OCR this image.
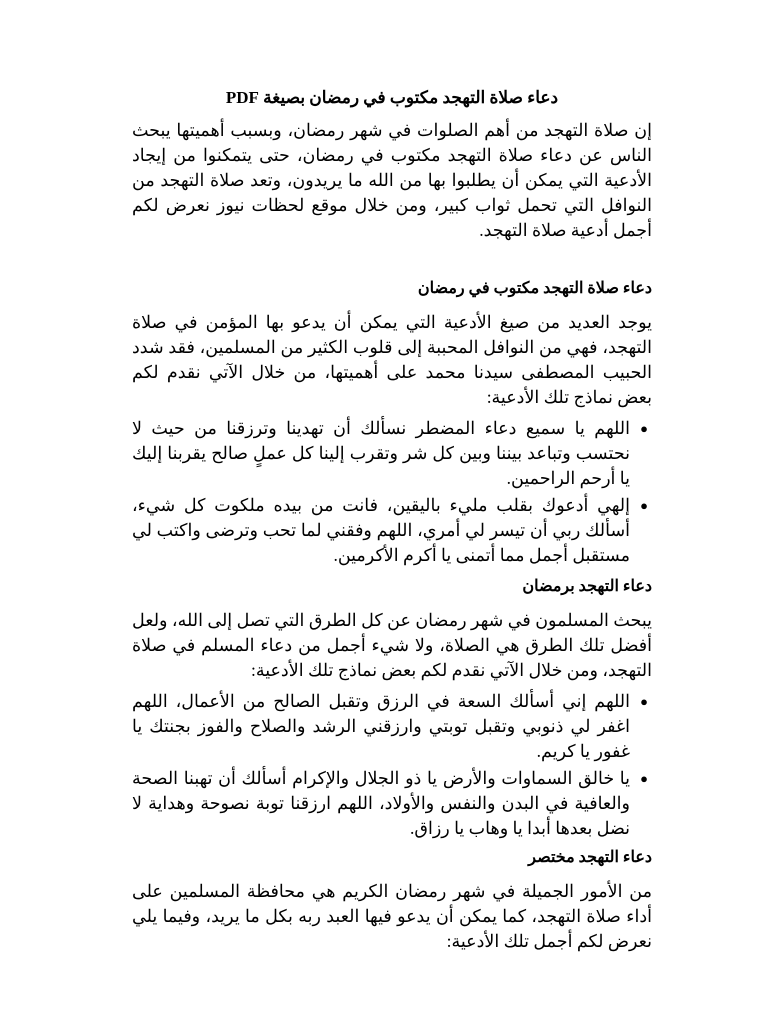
دعاء صلاة التهجد مكتوب في رمضان بصيغة PDF

إن صلاة التهجد من أهم الصلوات في شهر رمضان، وبسبب أهميتها يبحث الناس عن دعاء صلاة التهجد مكتوب في رمضان، حتى يتمكنوا من إيجاد الأدعية التي يمكن أن يطلبوا بها من الله ما يريدون، وتعد صلاة التهجد من النوافل التي تحمل ثواب كبير، ومن خلال موقع لحظات نيوز نعرض لكم أجمل أدعية صلاة التهجد.

دعاء صلاة التهجد مكتوب في رمضان

يوجد العديد من صيغ الأدعية التي يمكن أن يدعو بها المؤمن في صلاة التهجد، فهي من النوافل المحببة إلى قلوب الكثير من المسلمين، فقد شدد الحبيب المصطفى سيدنا محمد على أهميتها، من خلال الآتي نقدم لكم بعض نماذج تلك الأدعية:

●
اللهم يا سميع دعاء المضطر نسألك أن تهدينا وترزقنا من حيث لا نحتسب وتباعد بيننا وبين كل شر وتقرب إلينا كل عملٍ صالح يقربنا إليك يا أرحم الراحمين.
●
إلهي أدعوك بقلب مليء باليقين، فانت من بيده ملكوت كل شيء، أسألك ربي أن تيسر لي أمري، اللهم وفقني لما تحب وترضى واكتب لي مستقبل أجمل مما أتمنى يا أكرم الأكرمين.
دعاء التهجد برمضان

يبحث المسلمون في شهر رمضان عن كل الطرق التي تصل إلى الله، ولعل أفضل تلك الطرق هي الصلاة، ولا شيء أجمل من دعاء المسلم في صلاة التهجد، ومن خلال الآتي نقدم لكم بعض نماذج تلك الأدعية:

●
اللهم إني أسألك السعة في الرزق وتقبل الصالح من الأعمال، اللهم اغفر لي ذنوبي وتقبل توبتي وارزقني الرشد والصلاح والفوز بجنتك يا غفور يا كريم.
●
يا خالق السماوات والأرض يا ذو الجلال والإكرام أسألك أن تهبنا الصحة والعافية في البدن والنفس والأولاد، اللهم ارزقنا توبة نصوحة وهداية لا نضل بعدها أبدا يا وهاب يا رزاق.
دعاء التهجد مختصر

من الأمور الجميلة في شهر رمضان الكريم هي محافظة المسلمين على أداء صلاة التهجد، كما يمكن أن يدعو فيها العبد ربه بكل ما يريد، وفيما يلي نعرض لكم أجمل تلك الأدعية:
